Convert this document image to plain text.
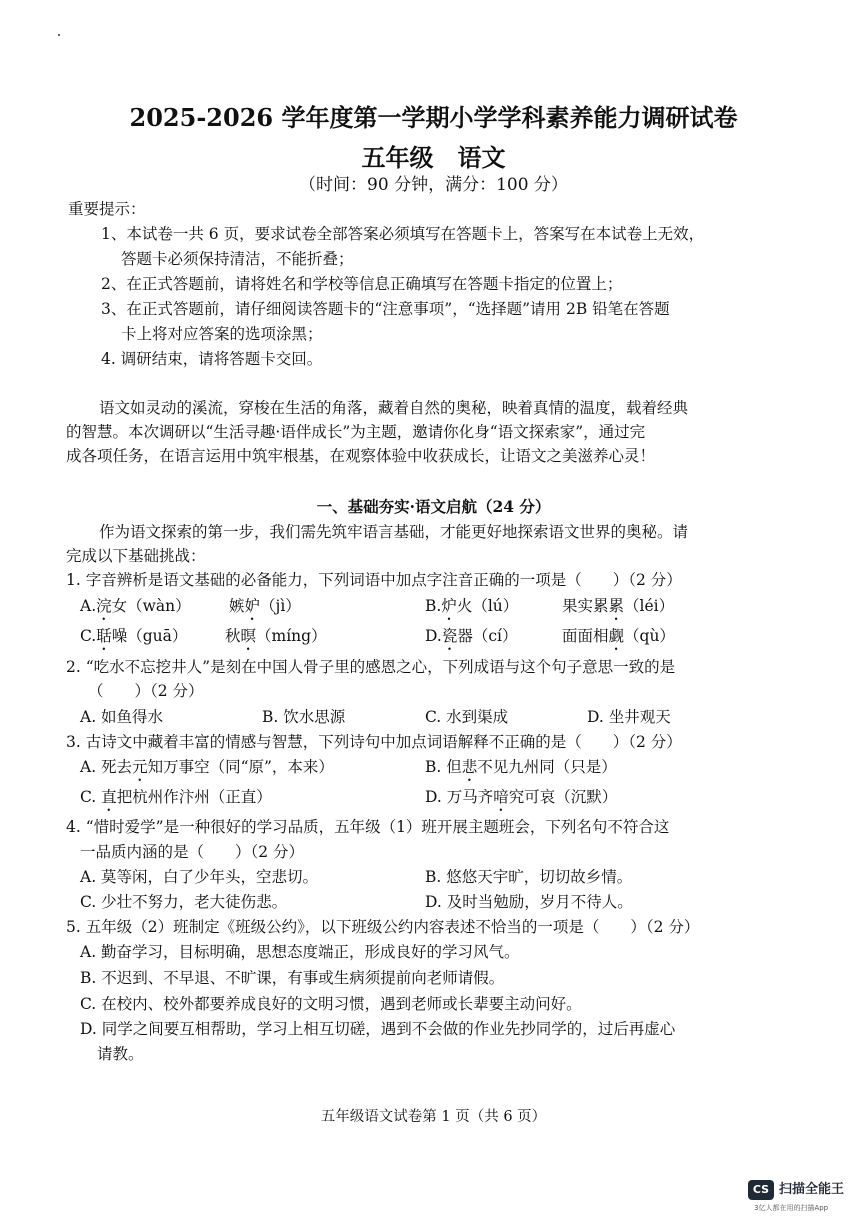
2025-2026 学年度第一学期小学学科素养能力调研试卷
五年级　语文
（时间：90 分钟，满分：100 分）
重要提示：
1、本试卷一共 6 页，要求试卷全部答案必须填写在答题卡上，答案写在本试卷上无效，
答题卡必须保持清洁，不能折叠；
2、在正式答题前，请将姓名和学校等信息正确填写在答题卡指定的位置上；
3、在正式答题前，请仔细阅读答题卡的“注意事项”，“选择题”请用 2B 铅笔在答题
卡上将对应答案的选项涂黑；
4. 调研结束，请将答题卡交回。
语文如灵动的溪流，穿梭在生活的角落，藏着自然的奥秘，映着真情的温度，载着经典
的智慧。本次调研以“生活寻趣·语伴成长”为主题，邀请你化身“语文探索家”，通过完
成各项任务，在语言运用中筑牢根基，在观察体验中收获成长，让语文之美滋养心灵！
一、基础夯实·语文启航（24 分）
作为语文探索的第一步，我们需先筑牢语言基础，才能更好地探索语文世界的奥秘。请
完成以下基础挑战：
1. 字音辨析是语文基础的必备能力，下列词语中加点字注音正确的一项是（　　）（2 分）
A.浣女（wàn） 嫉妒（jì）	B.炉火（lú）	果实累累（léi）
C.聒噪（guā） 秋暝（míng）	D.瓷器（cí）	面面相觑（qù）
2. “吃水不忘挖井人”是刻在中国人骨子里的感恩之心，下列成语与这个句子意思一致的是
（　　）（2 分）
A. 如鱼得水	B. 饮水思源	C. 水到渠成	D. 坐井观天
3. 古诗文中藏着丰富的情感与智慧，下列诗句中加点词语解释不正确的是（　　）（2 分）
A. 死去元知万事空（同“原”，本来）	B. 但悲不见九州同（只是）
C. 直把杭州作汴州（正直）	D. 万马齐喑究可哀（沉默）
4. “惜时爱学”是一种很好的学习品质，五年级（1）班开展主题班会，下列名句不符合这
一品质内涵的是（　　）（2 分）
A. 莫等闲，白了少年头，空悲切。	B. 悠悠天宇旷，切切故乡情。
C. 少壮不努力，老大徒伤悲。	D. 及时当勉励，岁月不待人。
5. 五年级（2）班制定《班级公约》，以下班级公约内容表述不恰当的一项是（　　）（2 分）
A. 勤奋学习，目标明确，思想态度端正，形成良好的学习风气。
B. 不迟到、不早退、不旷课，有事或生病须提前向老师请假。
C. 在校内、校外都要养成良好的文明习惯，遇到老师或长辈要主动问好。
D. 同学之间要互相帮助，学习上相互切磋，遇到不会做的作业先抄同学的，过后再虚心
请教。
五年级语文试卷第 1 页（共 6 页）
CS 扫描全能王
3亿人都在用的扫描App
